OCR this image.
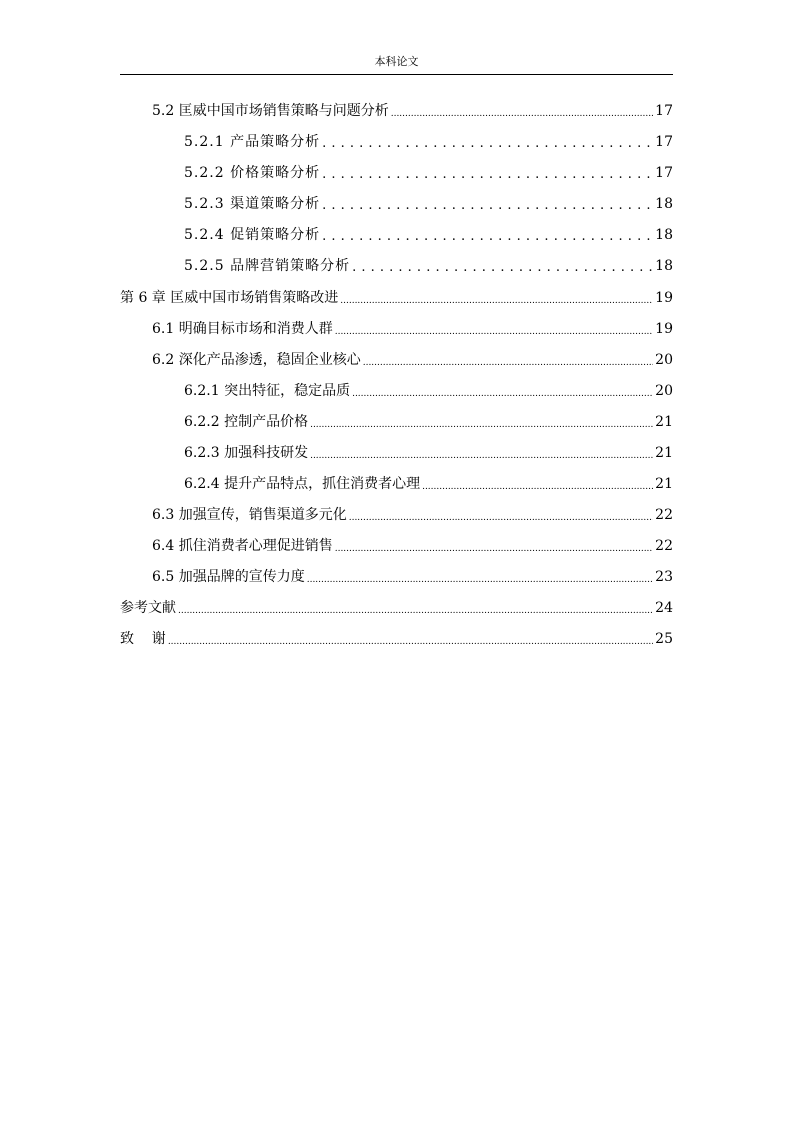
本科论文
5.2 匡威中国市场销售策略与问题分析 .....	17
5.2.1 产品策略分析 . . .	17
5.2.2 价格策略分析 . . .	17
5.2.3 渠道策略分析 . . .	18
5.2.4 促销策略分析 . . .	18
5.2.5 品牌营销策略分析 . . .	18
第 6 章 匡威中国市场销售策略改进 .....	19
6.1 明确目标市场和消费人群 .....	19
6.2 深化产品渗透，稳固企业核心 .....	20
6.2.1 突出特征，稳定品质 .....	20
6.2.2 控制产品价格 .....	21
6.2.3 加强科技研发 .....	21
6.2.4 提升产品特点，抓住消费者心理 .....	21
6.3 加强宣传，销售渠道多元化 .....	22
6.4 抓住消费者心理促进销售 .....	22
6.5 加强品牌的宣传力度 .....	23
参考文献 .....	24
致    谢 .....	25
